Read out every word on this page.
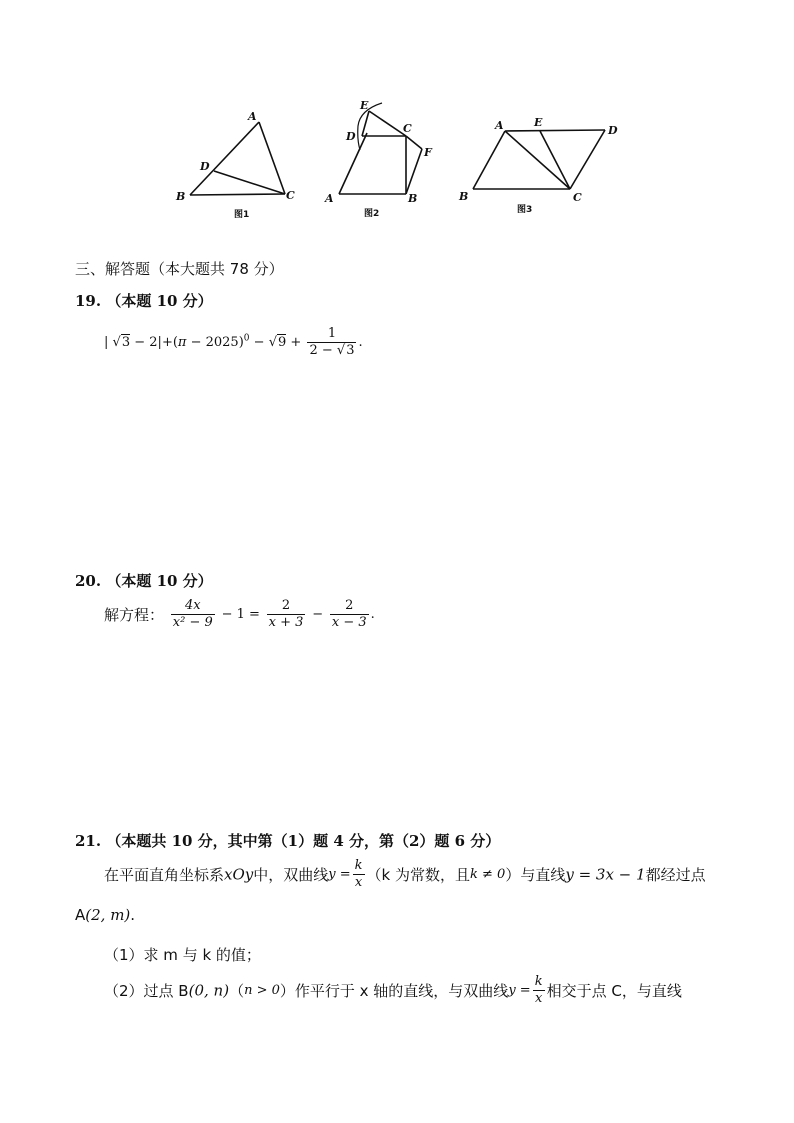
A
D
B	C
图1
E
D
C
F
A	B
图2
A	E
D
B	C
图3
三、解答题（本大题共 78 分）
19. （本题 10 分）
| $√3 - 2|+(\pi - 2025)^0 - √9 + \frac{1}{2 - √3}$ .
20. （本题 10 分）
解方程： $\frac{4x}{\text{x² − 9}} - 1 = \frac{2}{x + 3} - \frac{2}{x - 3}$ .
21. （本题共 10 分，其中第（1）题 4 分，第（2）题 6 分）
在平面直角坐标系xOy中，双曲线$y = \frac{k}{x} (k$ 为常数，且k ≠ 0）与直线y = 3x − 1都经过点
A(2, m).
（1）求 m 与 k 的值；
（2）过点 B(0, n)（n > 0）作平行于 x 轴的直线，与双曲线$y = \frac{k}{x}$ 相交于点 C，与直线
